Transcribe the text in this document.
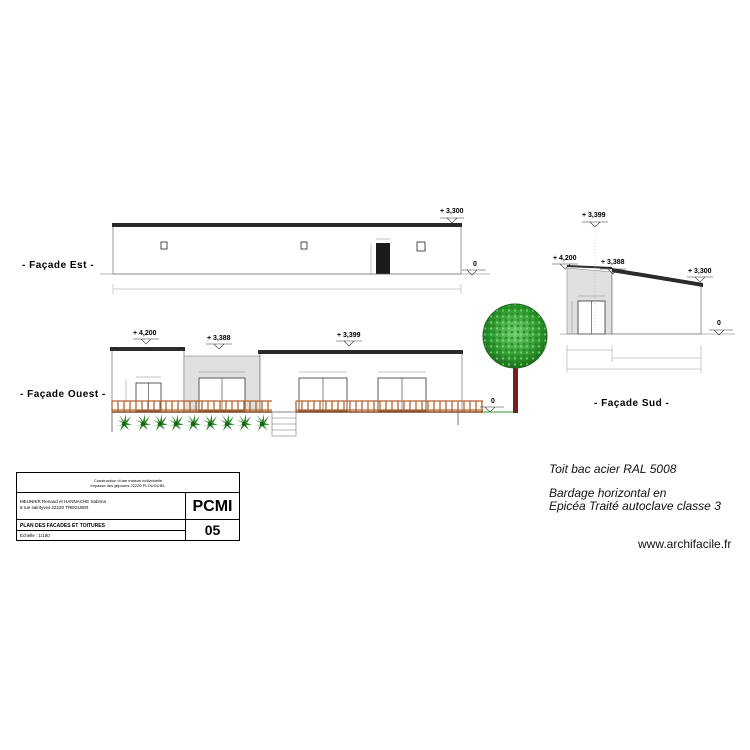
- Façade Est -
- Façade Ouest -
- Façade Sud -
+ 3,300
0
+ 4,200
+ 3,388	+ 3,399
0
+ 3,399
+ 4,200
+ 3,388
+ 3,300
0
Toit bac acier RAL 5008
Bardage horizontal en
Epicéa Traité autoclave classe 3
www.archifacile.fr
Construction d'une maison individuelle
Impasse des gitpones 22220 PLOUGUIEL
MEUNIER Renaud et HANNACHE Sabrina
6 rue saintyves 22220 TREGUIER	PCMI
PLAN DES FACADES ET TOITURES
Echelle : 1/150	05
